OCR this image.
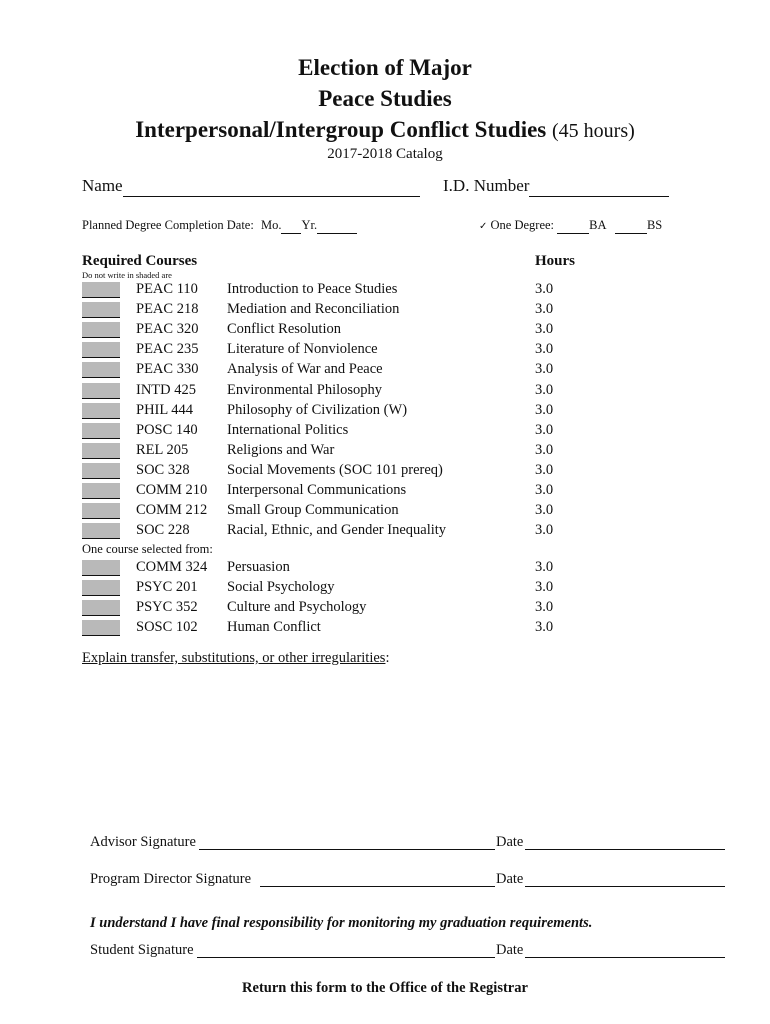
Election of Major
Peace Studies
Interpersonal/Intergroup Conflict Studies (45 hours)
2017-2018 Catalog
Name	I.D. Number
Planned Degree Completion Date: Mo. Yr.	✓ One Degree:	BA	BS
Required Courses	Hours
Do not write in shaded are
PEAC 110 Introduction to Peace Studies	3.0
PEAC 218 Mediation and Reconciliation	3.0
PEAC 320 Conflict Resolution	3.0
PEAC 235 Literature of Nonviolence	3.0
PEAC 330 Analysis of War and Peace	3.0
INTD 425 Environmental Philosophy	3.0
PHIL 444 Philosophy of Civilization (W)	3.0
POSC 140 International Politics	3.0
REL 205	Religions and War	3.0
SOC 328	Social Movements (SOC 101 prereq)	3.0
COMM 210 Interpersonal Communications	3.0
COMM 212 Small Group Communication	3.0
SOC 228	Racial, Ethnic, and Gender Inequality	3.0
One course selected from:
COMM 324 Persuasion	3.0
PSYC 201 Social Psychology	3.0
PSYC 352 Culture and Psychology	3.0
SOSC 102 Human Conflict	3.0
Explain transfer, substitutions, or other irregularities:
Advisor Signature	Date
Program Director Signature	Date
I understand I have final responsibility for monitoring my graduation requirements.
Student Signature	Date
Return this form to the Office of the Registrar
